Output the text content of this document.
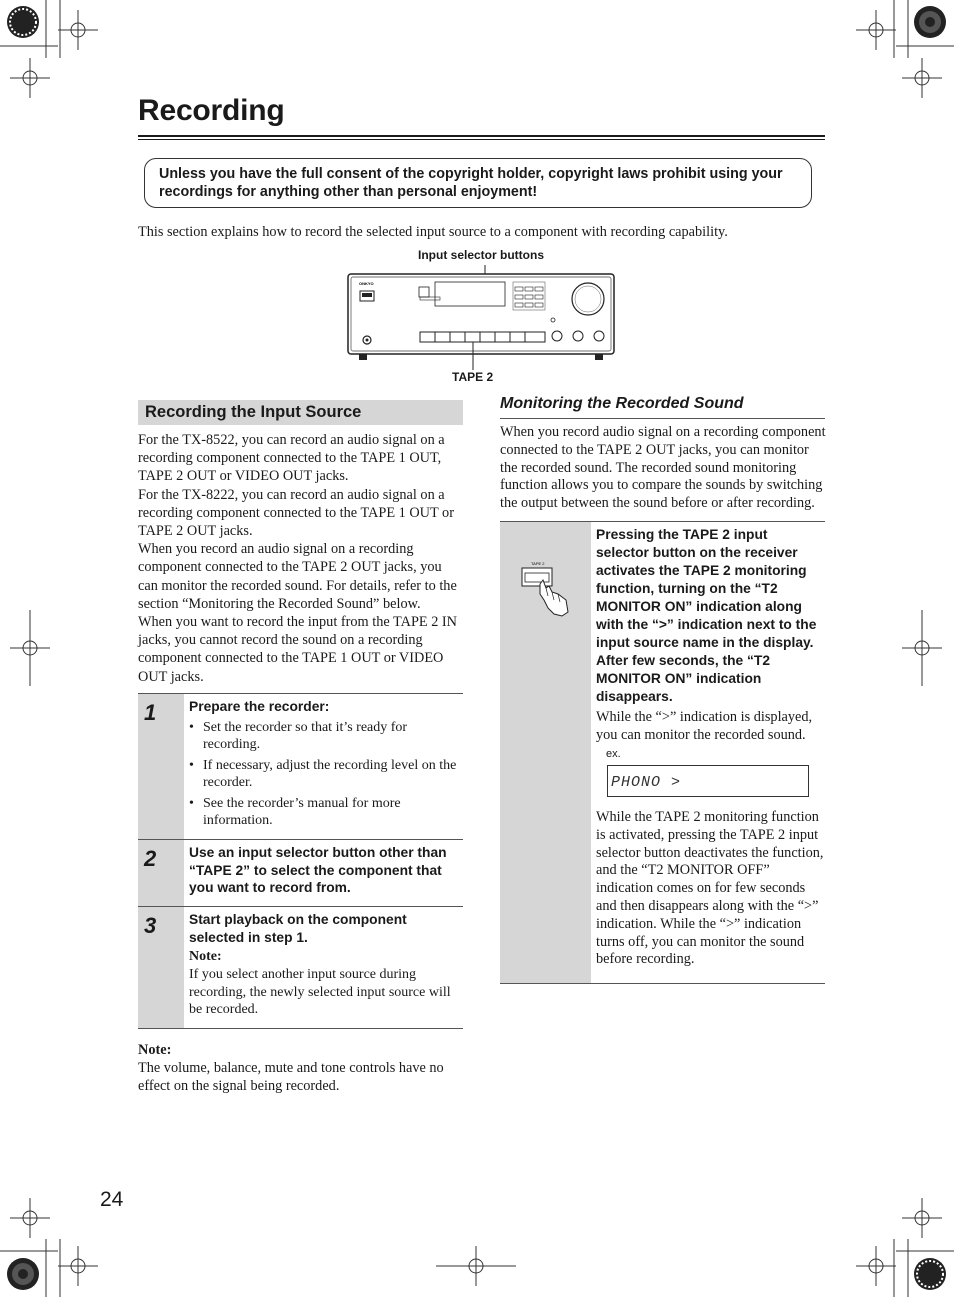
Recording

Unless you have the full consent of the copyright holder, copyright laws prohibit using your recordings for anything other than personal enjoyment!

This section explains how to record the selected input source to a component with recording capability.
Input selector buttons
TAPE 2
ONKYO
Recording the Input Source

For the TX-8522, you can record an audio signal on a recording component connected to the TAPE 1 OUT, TAPE 2 OUT or VIDEO OUT jacks.

For the TX-8222, you can record an audio signal on a recording component connected to the TAPE 1 OUT or TAPE 2 OUT jacks.

When you record an audio signal on a recording component connected to the TAPE 2 OUT jacks, you can monitor the recorded sound. For details, refer to the section “Monitoring the Recorded Sound” below.

When you want to record the input from the TAPE 2 IN jacks, you cannot record the sound on a recording component connected to the TAPE 1 OUT or VIDEO OUT jacks.

1	Prepare the recorder:
• Set the recorder so that it’s ready for recording.
• If necessary, adjust the recording level on the recorder.
• See the recorder’s manual for more information.
2	Use an input selector button other than “TAPE 2” to select the component that you want to record from.
3	Start playback on the component selected in step 1.
Note:
If you select another input source during recording, the newly selected input source will be recorded.
Note:
The volume, balance, mute and tone controls have no effect on the signal being recorded.
Monitoring the Recorded Sound
When you record audio signal on a recording component connected to the TAPE 2 OUT jacks, you can monitor the recorded sound. The recorded sound monitoring function allows you to compare the sounds by switching the output between the sound before or after recording.
TAPE 2
Pressing the TAPE 2 input selector button on the receiver activates the TAPE 2 monitoring function, turning on the “T2 MONITOR ON” indication along with the “>” indication next to the input source name in the display. After few seconds, the “T2 MONITOR ON” indication disappears.
While the “>” indication is displayed, you can monitor the recorded sound.
ex.
PHONO >
While the TAPE 2 monitoring function is activated, pressing the TAPE 2 input selector button deactivates the function, and the “T2 MONITOR OFF” indication comes on for few seconds and then disappears along with the “>” indication. While the “>” indication turns off, you can monitor the sound before recording.
24
